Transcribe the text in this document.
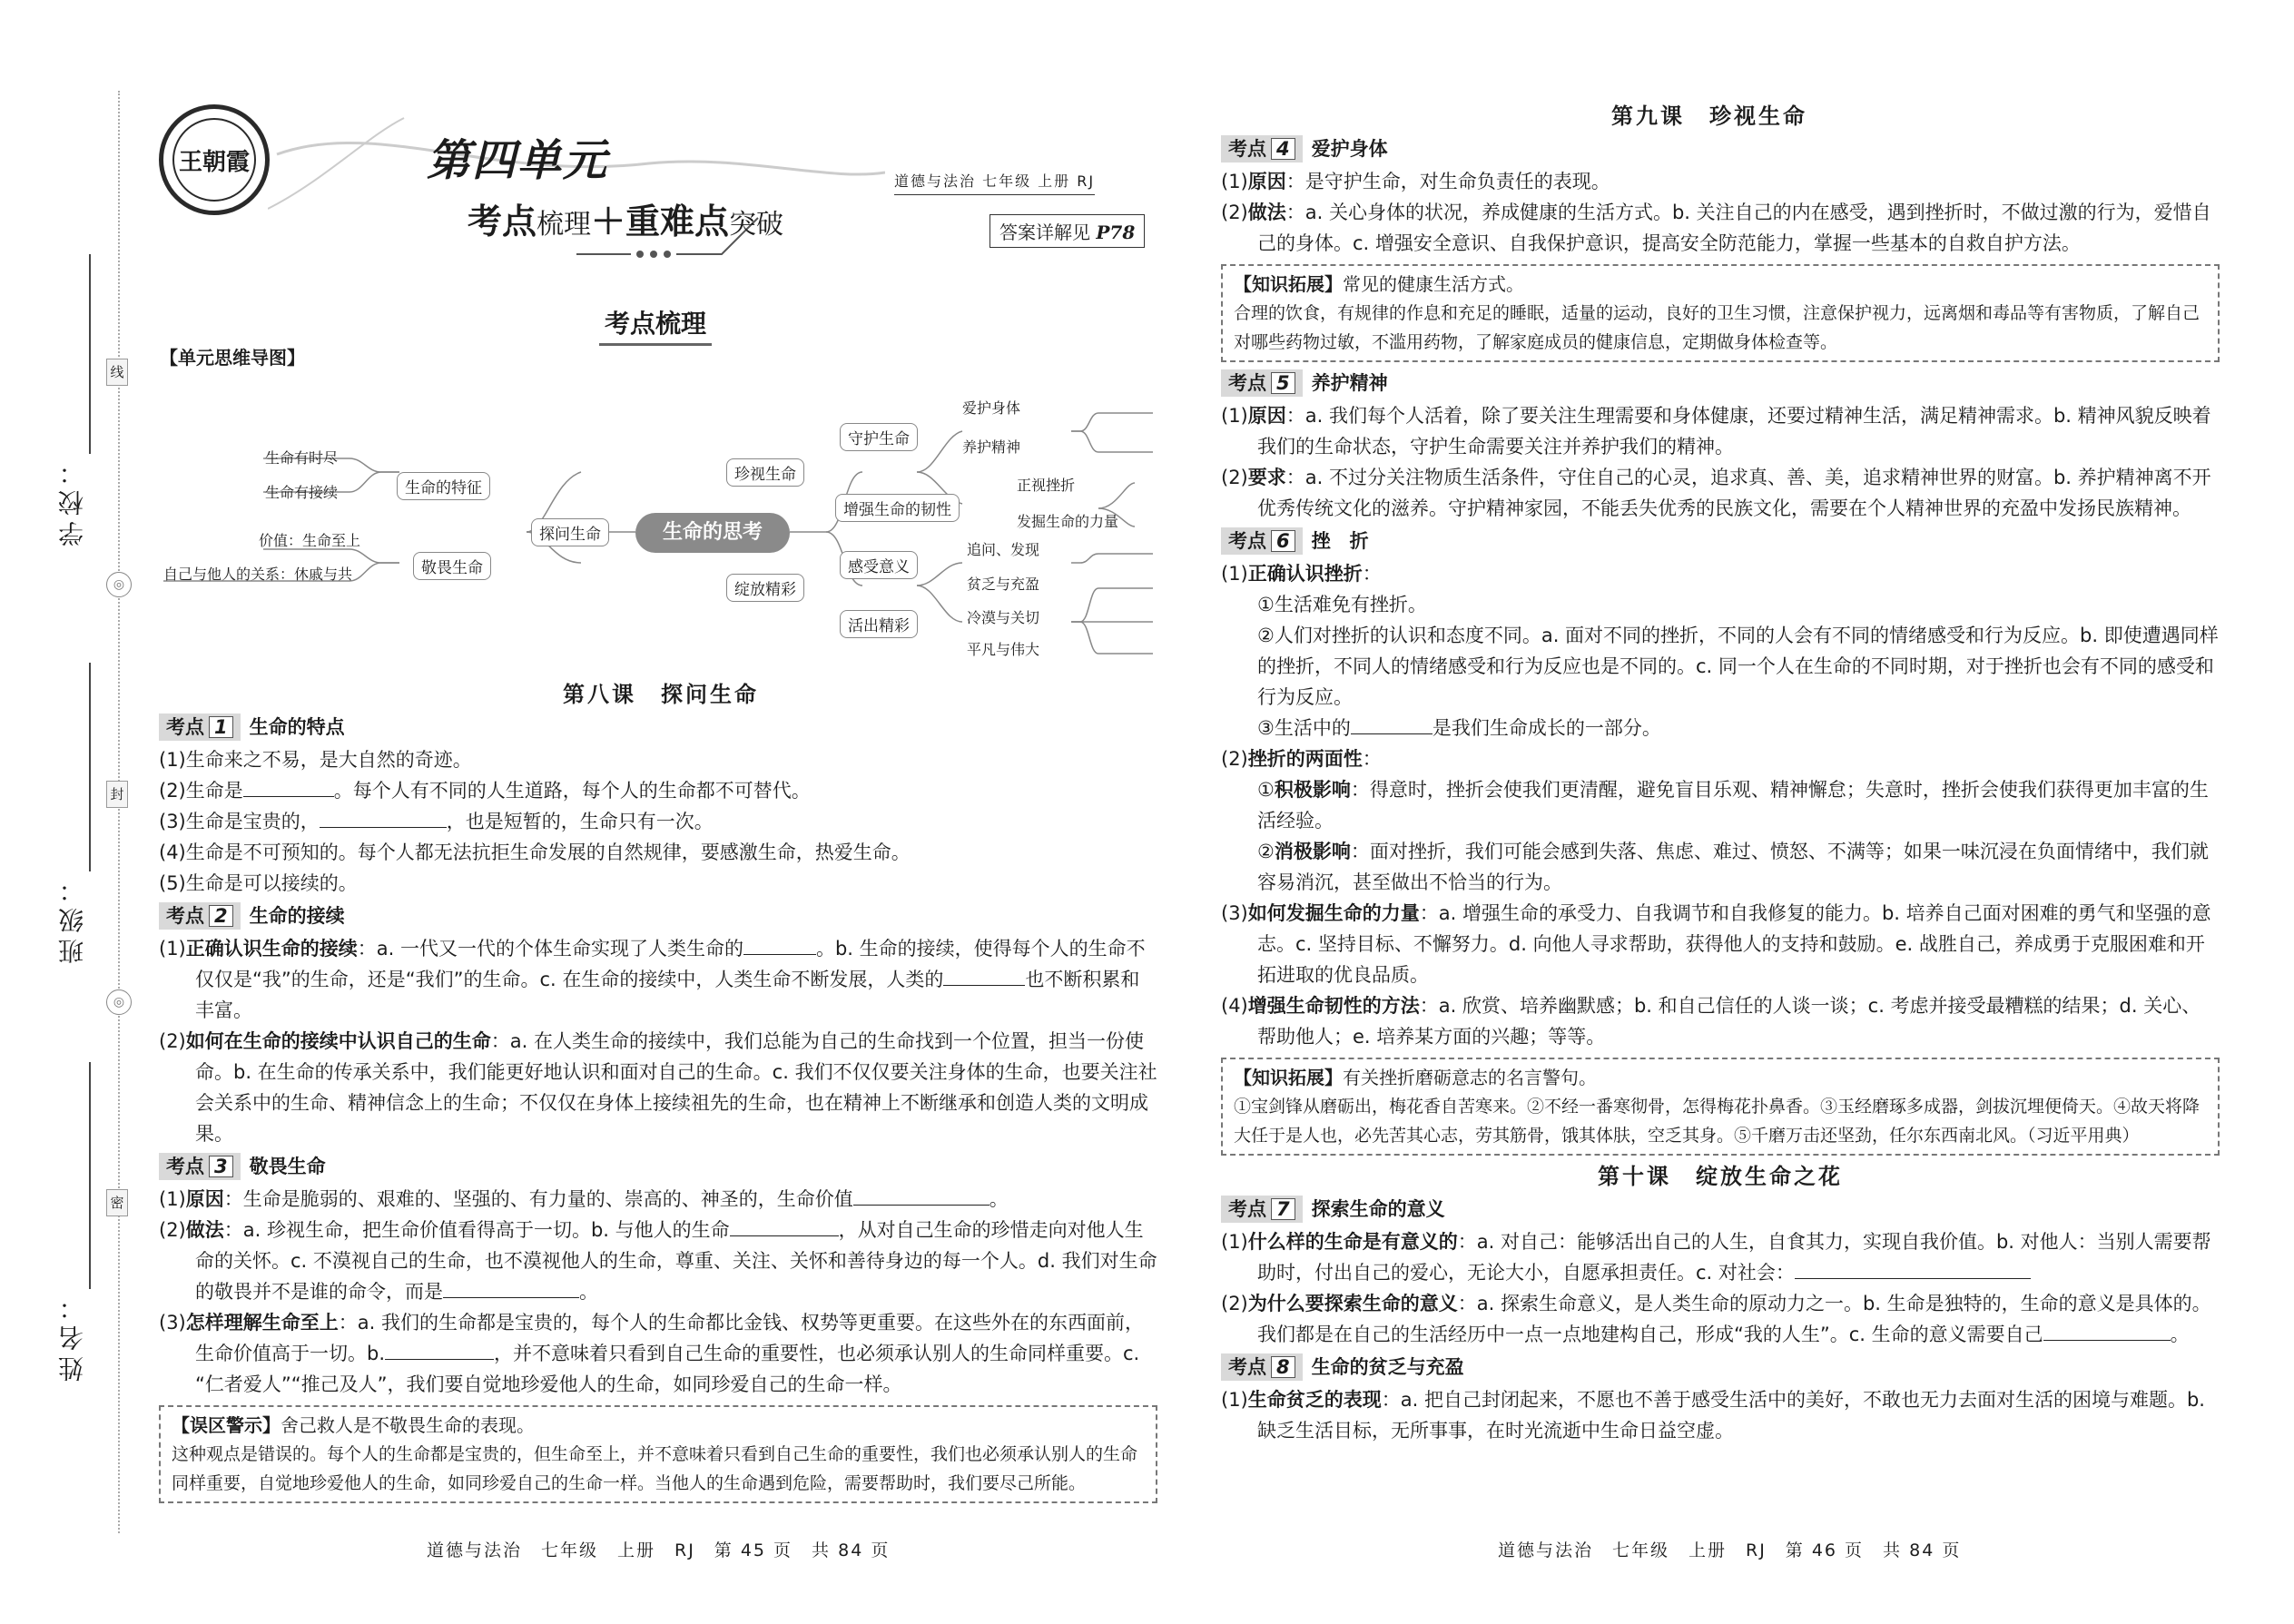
学校：
班级：
姓名：
线
◎
封
◎
密
王朝霞	第四单元
考点梳理＋重难点突破
道德与法治 七年级 上册 RJ
答案详解见 P78
考点梳理
【单元思维导图】
生命的思考
探问生命
珍视生命
绽放精彩
生命的特征
敬畏生命
守护生命
增强生命的韧性
感受意义
活出精彩
生命有时尽
生命有接续
价值：生命至上
自己与他人的关系：休戚与共
爱护身体
养护精神
正视挫折
发掘生命的力量
追问、发现
贫乏与充盈
冷漠与关切
平凡与伟大
第八课　探问生命
考点 1	生命的特点
(1)生命来之不易，是大自然的奇迹。
(2)生命是	。每个人有不同的人生道路，每个人的生命都不可替代。
(3)生命是宝贵的，	，也是短暂的，生命只有一次。
(4)生命是不可预知的。每个人都无法抗拒生命发展的自然规律，要感激生命，热爱生命。
(5)生命是可以接续的。
考点 2	生命的接续
(1)正确认识生命的接续：a. 一代又一代的个体生命实现了人类生命的	。b. 生命的接续，使得每个人的生命不仅仅是“我”的生命，还是“我们”的生命。c. 在生命的接续中，人类生命不断发展，人类的	也不断积累和丰富。
(2)如何在生命的接续中认识自己的生命：a. 在人类生命的接续中，我们总能为自己的生命找到一个位置，担当一份使命。b. 在生命的传承关系中，我们能更好地认识和面对自己的生命。c. 我们不仅仅要关注身体的生命，也要关注社会关系中的生命、精神信念上的生命；不仅仅在身体上接续祖先的生命，也在精神上不断继承和创造人类的文明成果。
考点 3	敬畏生命
(1)原因：生命是脆弱的、艰难的、坚强的、有力量的、崇高的、神圣的，生命价值	。
(2)做法：a. 珍视生命，把生命价值看得高于一切。b. 与他人的生命	，从对自己生命的珍惜走向对他人生命的关怀。c. 不漠视自己的生命，也不漠视他人的生命，尊重、关注、关怀和善待身边的每一个人。d. 我们对生命的敬畏并不是谁的命令，而是	。
(3)怎样理解生命至上：a. 我们的生命都是宝贵的，每个人的生命都比金钱、权势等更重要。在这些外在的东西面前，生命价值高于一切。b.	，并不意味着只看到自己生命的重要性，也必须承认别人的生命同样重要。c. “仁者爱人”“推己及人”，我们要自觉地珍爱他人的生命，如同珍爱自己的生命一样。
【误区警示】舍己救人是不敬畏生命的表现。
这种观点是错误的。每个人的生命都是宝贵的，但生命至上，并不意味着只看到自己生命的重要性，我们也必须承认别人的生命同样重要，自觉地珍爱他人的生命，如同珍爱自己的生命一样。当他人的生命遇到危险，需要帮助时，我们要尽己所能。
道德与法治　七年级　上册　RJ　第 45 页　共 84 页
第九课　珍视生命
考点 4	爱护身体
(1)原因：是守护生命，对生命负责任的表现。
(2)做法：a. 关心身体的状况，养成健康的生活方式。b. 关注自己的内在感受，遇到挫折时，不做过激的行为，爱惜自己的身体。c. 增强安全意识、自我保护意识，提高安全防范能力，掌握一些基本的自救自护方法。
【知识拓展】常见的健康生活方式。
合理的饮食，有规律的作息和充足的睡眠，适量的运动，良好的卫生习惯，注意保护视力，远离烟和毒品等有害物质，了解自己对哪些药物过敏，不滥用药物，了解家庭成员的健康信息，定期做身体检查等。
考点 5	养护精神
(1)原因：a. 我们每个人活着，除了要关注生理需要和身体健康，还要过精神生活，满足精神需求。b. 精神风貌反映着我们的生命状态，守护生命需要关注并养护我们的精神。
(2)要求：a. 不过分关注物质生活条件，守住自己的心灵，追求真、善、美，追求精神世界的财富。b. 养护精神离不开优秀传统文化的滋养。守护精神家园，不能丢失优秀的民族文化，需要在个人精神世界的充盈中发扬民族精神。
考点 6	挫　折
(1)正确认识挫折：
①生活难免有挫折。
②人们对挫折的认识和态度不同。a. 面对不同的挫折，不同的人会有不同的情绪感受和行为反应。b. 即使遭遇同样的挫折，不同人的情绪感受和行为反应也是不同的。c. 同一个人在生命的不同时期，对于挫折也会有不同的感受和行为反应。
③生活中的	是我们生命成长的一部分。
(2)挫折的两面性：
①积极影响：得意时，挫折会使我们更清醒，避免盲目乐观、精神懈怠；失意时，挫折会使我们获得更加丰富的生活经验。
②消极影响：面对挫折，我们可能会感到失落、焦虑、难过、愤怒、不满等；如果一味沉浸在负面情绪中，我们就容易消沉，甚至做出不恰当的行为。
(3)如何发掘生命的力量：a. 增强生命的承受力、自我调节和自我修复的能力。b. 培养自己面对困难的勇气和坚强的意志。c. 坚持目标、不懈努力。d. 向他人寻求帮助，获得他人的支持和鼓励。e. 战胜自己，养成勇于克服困难和开拓进取的优良品质。
(4)增强生命韧性的方法：a. 欣赏、培养幽默感；b. 和自己信任的人谈一谈；c. 考虑并接受最糟糕的结果；d. 关心、帮助他人；e. 培养某方面的兴趣；等等。
【知识拓展】有关挫折磨砺意志的名言警句。
①宝剑锋从磨砺出，梅花香自苦寒来。②不经一番寒彻骨，怎得梅花扑鼻香。③玉经磨琢多成器，剑拔沉埋便倚天。④故天将降大任于是人也，必先苦其心志，劳其筋骨，饿其体肤，空乏其身。⑤千磨万击还坚劲，任尔东西南北风。（习近平用典）
第十课　绽放生命之花
考点 7	探索生命的意义
(1)什么样的生命是有意义的：a. 对自己：能够活出自己的人生，自食其力，实现自我价值。b. 对他人：当别人需要帮助时，付出自己的爱心，无论大小，自愿承担责任。c. 对社会：
(2)为什么要探索生命的意义：a. 探索生命意义，是人类生命的原动力之一。b. 生命是独特的，生命的意义是具体的。我们都是在自己的生活经历中一点一点地建构自己，形成“我的人生”。c. 生命的意义需要自己	。
考点 8	生命的贫乏与充盈
(1)生命贫乏的表现：a. 把自己封闭起来，不愿也不善于感受生活中的美好，不敢也无力去面对生活的困境与难题。b. 缺乏生活目标，无所事事，在时光流逝中生命日益空虚。
道德与法治　七年级　上册　RJ　第 46 页　共 84 页
